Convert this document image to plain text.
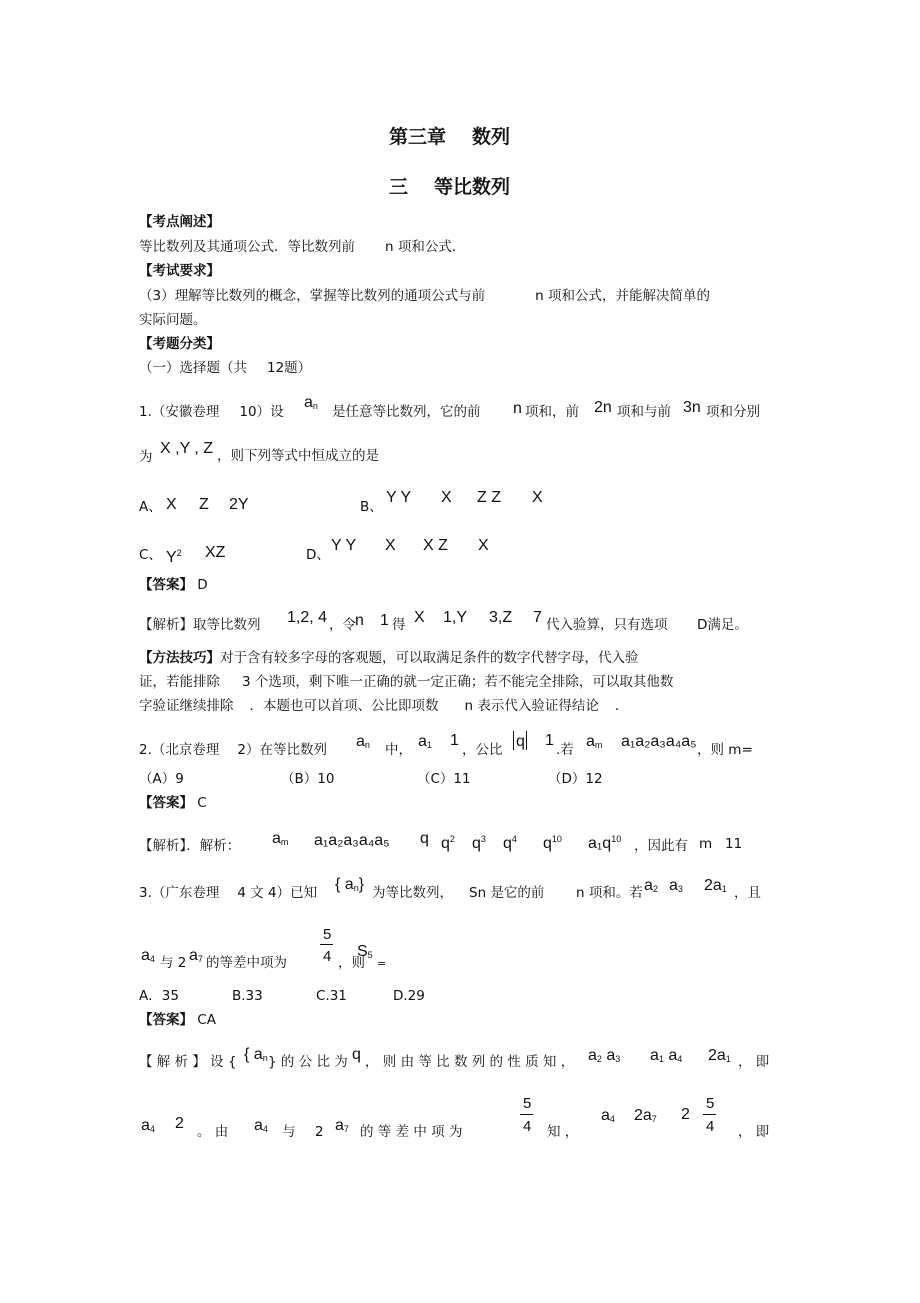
第三章 数列
三 等比数列
【考点阐述】
等比数列及其通项公式．等比数列前 n 项和公式．
【考试要求】
（3）理解等比数列的概念，掌握等比数列的通项公式与前	n 项和公式，并能解决简单的
实际问题。
【考题分类】
（一）选择题（共 12题）
1.（安徽卷理 10）设
$a_n$ 是任意等比数列，它的前 n 项和，前 2n 项和与前 3n 项和分别
为 X ,Y , Z ，则下列等式中恒成立的是
A、 X Z 2Y	B、
Y Y X Z Z X
C、 $Y^2$ XZ	D、
Y Y X X Z X
【答案】 D
【解析】取等比数列 1,2, 4 ，令 n 1 得 X 1,Y 3,Z 7 代入验算，只有选项 D满足。
【方法技巧】对于含有较多字母的客观题，可以取满足条件的数字代替字母，代入验
证，若能排除 3 个选项，剩下唯一正确的就一定正确；若不能完全排除，可以取其他数
字验证继续排除 ．本题也可以首项、公比即项数 n 表示代入验证得结论 ．
2.（北京卷理 2）在等比数列 $a_n$ 中， $a_1$ 1
，公比 q 1
.若 $a_m$ a₁a₂a₃a₄a₅ ，则 m=
（A）9	（B）10	（C）11	（D）12
【答案】 C
【解析】．解析： $a_m$ a₁a₂a₃a₄a₅ q $q^2$ $q^3$ $q^4$ $q^{10}$ $a_1q^{10}$ ，因此有 m 11
3.（广东卷理 4 文 4）已知 { $a_n$} 为等比数列， Sn 是它的前 n 项和。若 $a_2$ $a_3$ $2a_1$ ，且
5
4
$a_4$ 与 2 $a_7$ 的等差中项为	，则
$S_5$
=
A．35	B.33	C.31	D.29
【答案】 CA
【 解 析 】 设 { { $a_n$ } 的 公 比 为 q ， 则 由 等 比 数 列 的 性 质 知 ， $a_2$ $a_3$ $a_1$ $a_4$ $2a_1$ ， 即
$a_4$ 2 。 由 $a_4$ 与 2 $a_7$ 的 等 差 中 项 为
5
4 知 ，
$a_4$ $2a_7$ 2
5
4 ， 即
